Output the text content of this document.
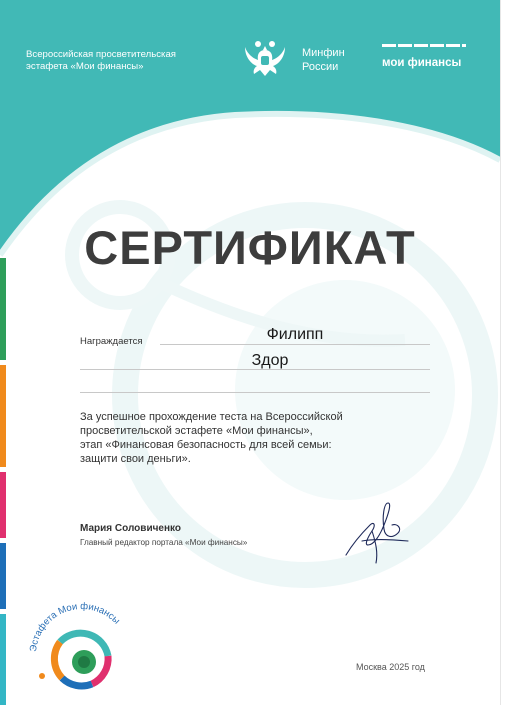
Всероссийская просветительская
эстафета «Мои финансы»
Минфин
России	мои финансы
СЕРТИФИКАТ
Награждается	Филипп
Здор
За успешное прохождение теста на Всероссийской
просветительской эстафете «Мои финансы»,
этап «Финансовая безопасность для всей семьи:
защити свои деньги».
Мария Соловиченко
Главный редактор портала «Мои финансы»
Эстафета Мои финансы
Москва 2025 год
